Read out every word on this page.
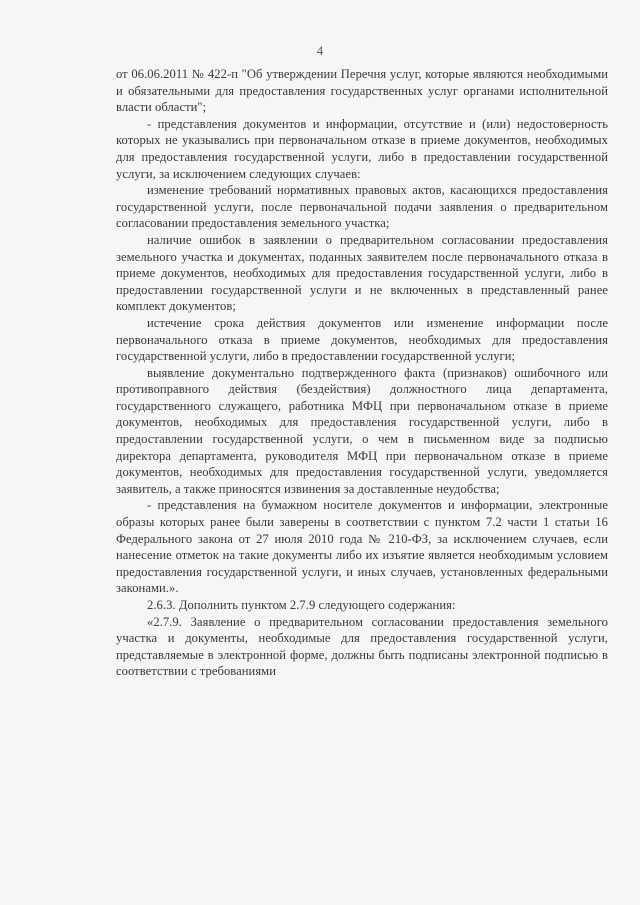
4

от 06.06.2011 № 422-п "Об утверждении Перечня услуг, которые являются необходимыми и обязательными для предоставления государственных услуг органами исполнительной власти области";

- представления документов и информации, отсутствие и (или) недостоверность которых не указывались при первоначальном отказе в приеме документов, необходимых для предоставления государственной услуги, либо в предоставлении государственной услуги, за исключением следующих случаев:

изменение требований нормативных правовых актов, касающихся предоставления государственной услуги, после первоначальной подачи заявления о предварительном согласовании предоставления земельного участка;

наличие ошибок в заявлении о предварительном согласовании предоставления земельного участка и документах, поданных заявителем после первоначального отказа в приеме документов, необходимых для предоставления государственной услуги, либо в предоставлении государственной услуги и не включенных в представленный ранее комплект документов;

истечение срока действия документов или изменение информации после первоначального отказа в приеме документов, необходимых для предоставления государственной услуги, либо в предоставлении государственной услуги;

выявление документально подтвержденного факта (признаков) ошибочного или противоправного действия (бездействия) должностного лица департамента, государственного служащего, работника МФЦ при первоначальном отказе в приеме документов, необходимых для предоставления государственной услуги, либо в предоставлении государственной услуги, о чем в письменном виде за подписью директора департамента, руководителя МФЦ при первоначальном отказе в приеме документов, необходимых для предоставления государственной услуги, уведомляется заявитель, а также приносятся извинения за доставленные неудобства;

- представления на бумажном носителе документов и информации, электронные образы которых ранее были заверены в соответствии с пунктом 7.2 части 1 статьи 16 Федерального закона от 27 июля 2010 года № 210-ФЗ, за исключением случаев, если нанесение отметок на такие документы либо их изъятие является необходимым условием предоставления государственной услуги, и иных случаев, установленных федеральными законами.».

2.6.3. Дополнить пунктом 2.7.9 следующего содержания:

«2.7.9. Заявление о предварительном согласовании предоставления земельного участка и документы, необходимые для предоставления государственной услуги, представляемые в электронной форме, должны быть подписаны электронной подписью в соответствии с требованиями
